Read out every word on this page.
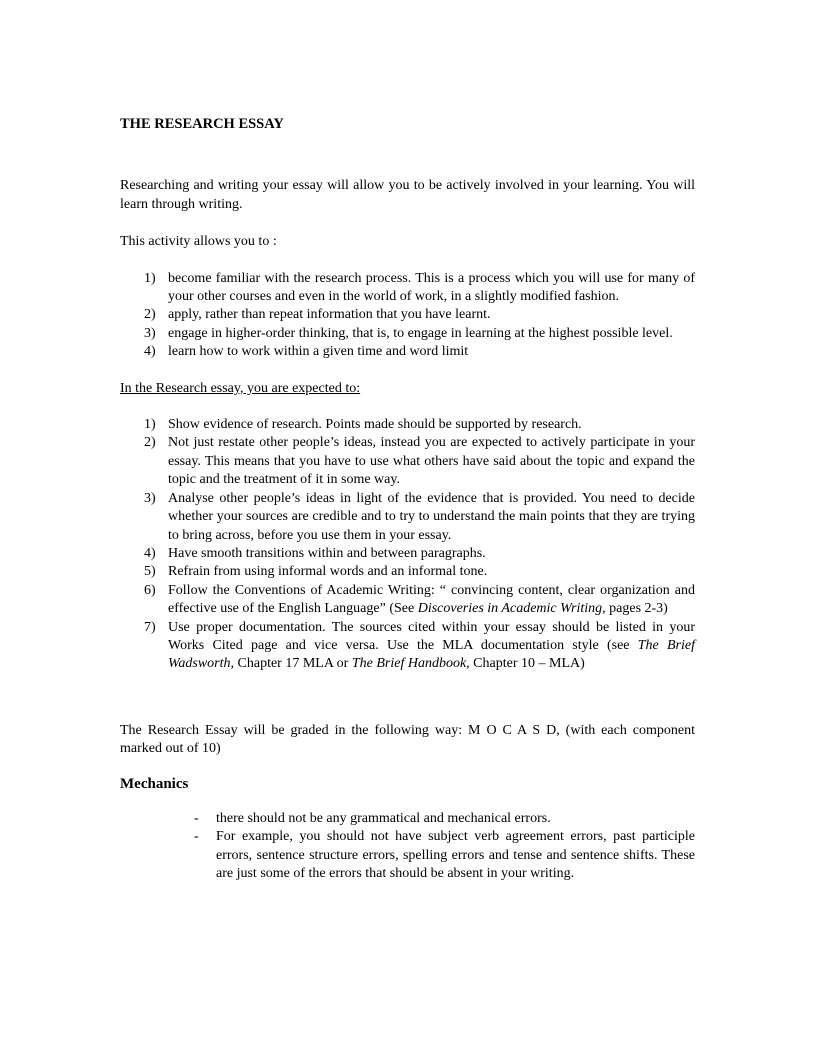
THE RESEARCH ESSAY

Researching and writing your essay will allow you to be actively involved in your learning. You will learn through writing.

This activity allows you to :

1) become familiar with the research process. This is a process which you will use for many of your other courses and even in the world of work, in a slightly modified fashion.
2) apply, rather than repeat information that you have learnt.
3) engage in higher-order thinking, that is, to engage in learning at the highest possible level.
4) learn how to work within a given time and word limit

In the Research essay, you are expected to:

1) Show evidence of research. Points made should be supported by research.
2) Not just restate other people’s ideas, instead you are expected to actively participate in your essay. This means that you have to use what others have said about the topic and expand the topic and the treatment of it in some way.
3) Analyse other people’s ideas in light of the evidence that is provided. You need to decide whether your sources are credible and to try to understand the main points that they are trying to bring across, before you use them in your essay.
4) Have smooth transitions within and between paragraphs.
5) Refrain from using informal words and an informal tone.
6) Follow the Conventions of Academic Writing: “ convincing content, clear organization and effective use of the English Language” (See Discoveries in Academic Writing, pages 2-3)
7) Use proper documentation. The sources cited within your essay should be listed in your Works Cited page and vice versa. Use the MLA documentation style (see The Brief Wadsworth, Chapter 17 MLA or The Brief Handbook, Chapter 10 – MLA)

The Research Essay will be graded in the following way: M O C A S D, (with each component marked out of 10)

Mechanics

- there should not be any grammatical and mechanical errors.
- For example, you should not have subject verb agreement errors, past participle errors, sentence structure errors, spelling errors and tense and sentence shifts. These are just some of the errors that should be absent in your writing.
